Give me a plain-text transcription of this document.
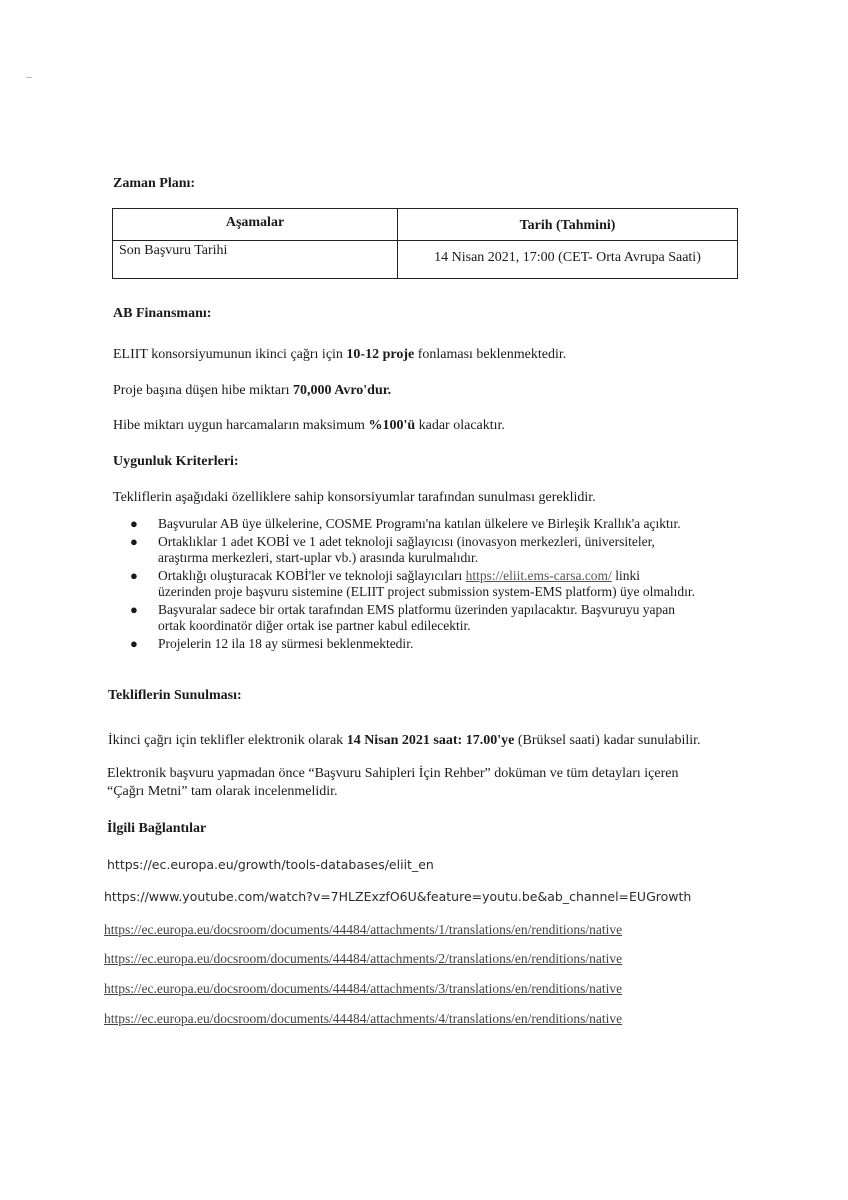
Zaman Planı:
Aşamalar	Tarih (Tahmini)
Son Başvuru Tarihi	14 Nisan 2021, 17:00 (CET- Orta Avrupa Saati)
AB Finansmanı:
ELIIT konsorsiyumunun ikinci çağrı için 10-12 proje fonlaması beklenmektedir.
Proje başına düşen hibe miktarı 70,000 Avro'dur.
Hibe miktarı uygun harcamaların maksimum %100'ü kadar olacaktır.
Uygunluk Kriterleri:
Tekliflerin aşağıdaki özelliklere sahip konsorsiyumlar tarafından sunulması gereklidir.
● Başvurular AB üye ülkelerine, COSME Programı'na katılan ülkelere ve Birleşik Krallık'a açıktır.
● Ortaklıklar 1 adet KOBİ ve 1 adet teknoloji sağlayıcısı (inovasyon merkezleri, üniversiteler,
araştırma merkezleri, start-uplar vb.) arasında kurulmalıdır.
● Ortaklığı oluşturacak KOBİ'ler ve teknoloji sağlayıcıları https://eliit.ems-carsa.com/ linki
üzerinden proje başvuru sistemine (ELIIT project submission system-EMS platform) üye olmalıdır.
● Başvuralar sadece bir ortak tarafından EMS platformu üzerinden yapılacaktır. Başvuruyu yapan
ortak koordinatör diğer ortak ise partner kabul edilecektir.
● Projelerin 12 ila 18 ay sürmesi beklenmektedir.
Tekliflerin Sunulması:
İkinci çağrı için teklifler elektronik olarak 14 Nisan 2021 saat: 17.00'ye (Brüksel saati) kadar sunulabilir.
Elektronik başvuru yapmadan önce “Başvuru Sahipleri İçin Rehber” doküman ve tüm detayları içeren
“Çağrı Metni” tam olarak incelenmelidir.
İlgili Bağlantılar
https://ec.europa.eu/growth/tools-databases/eliit_en
https://www.youtube.com/watch?v=7HLZExzfO6U&feature=youtu.be&ab_channel=EUGrowth
https://ec.europa.eu/docsroom/documents/44484/attachments/1/translations/en/renditions/native
https://ec.europa.eu/docsroom/documents/44484/attachments/2/translations/en/renditions/native
https://ec.europa.eu/docsroom/documents/44484/attachments/3/translations/en/renditions/native
https://ec.europa.eu/docsroom/documents/44484/attachments/4/translations/en/renditions/native
